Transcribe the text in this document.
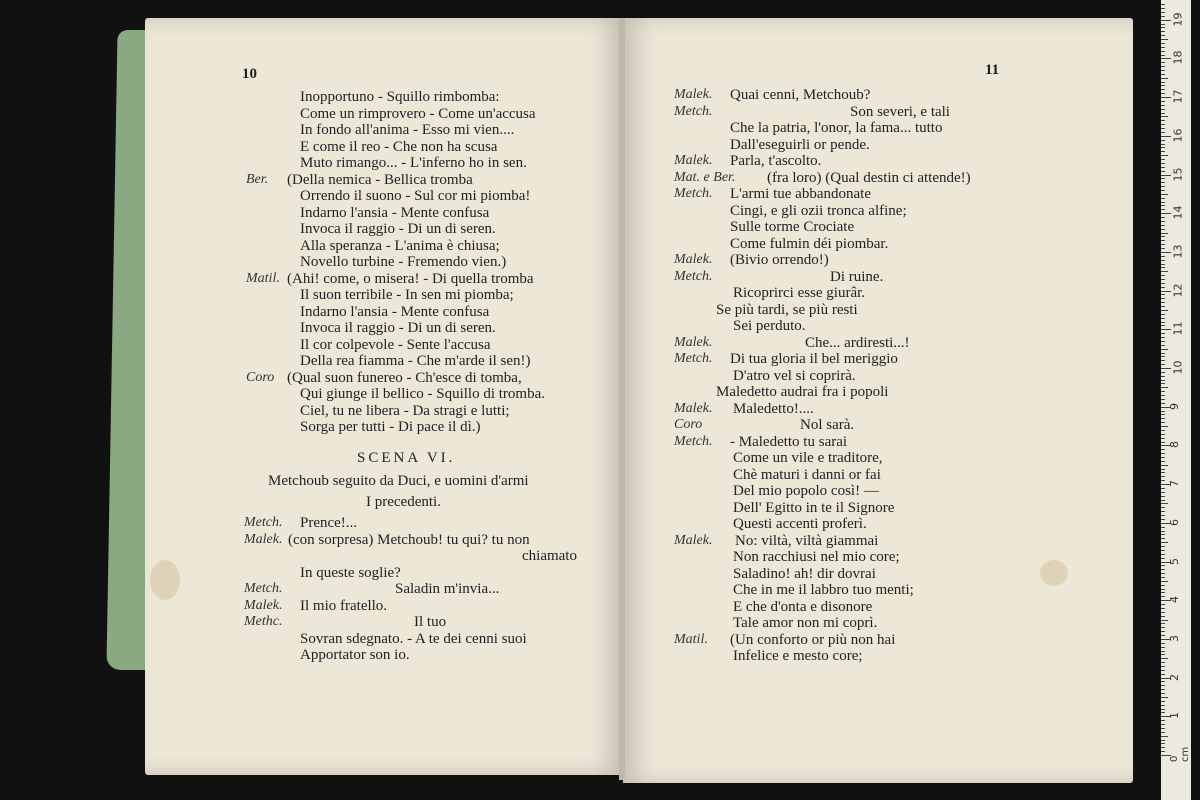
10	11
Inopportuno - Squillo rimbomba:
Come un rimprovero - Come un'accusa
In fondo all'anima - Esso mi vien....
E come il reo - Che non ha scusa
Muto rimango... - L'inferno ho in sen.
Ber. (Della nemica - Bellica tromba
Orrendo il suono - Sul cor mi piomba!
Indarno l'ansia - Mente confusa
Invoca il raggio - Di un di seren.
Alla speranza - L'anima è chiusa;
Novello turbine - Fremendo vien.)
Matil. (Ahi! come, o misera! - Di quella tromba
Il suon terribile - In sen mi piomba;
Indarno l'ansia - Mente confusa
Invoca il raggio - Di un di seren.
Il cor colpevole - Sente l'accusa
Della rea fiamma - Che m'arde il sen!)
Coro (Qual suon funereo - Ch'esce di tomba,
Qui giunge il bellico - Squillo di tromba.
Ciel, tu ne libera - Da stragi e lutti;
Sorga per tutti - Di pace il dì.)
SCENA VI.
Metchoub seguito da Duci, e uomini d'armi
I precedenti.
Metch. Prence!...
Malek. (con sorpresa) Metchoub! tu qui? tu non
chiamato
In queste soglie?
Metch.	Saladin m'invia...
Malek. Il mio fratello.
Methc.	Il tuo
Sovran sdegnato. - A te dei cenni suoi
Apportator son io.
Malek. Quai cenni, Metchoub?
Metch.	Son severi, e tali
Che la patria, l'onor, la fama... tutto
Dall'eseguirli or pende.
Malek. Parla, t'ascolto.
Mat. e Ber. (fra loro) (Qual destin ci attende!)
Metch. L'armi tue abbandonate
Cingi, e gli ozii tronca alfine;
Sulle torme Crociate
Come fulmin déi piombar.
Malek. (Bivio orrendo!)
Metch.	Di ruine.
Ricoprirci esse giurâr.
Se più tardi, se più resti
Sei perduto.
Malek.	Che... ardiresti...!
Metch. Di tua gloria il bel meriggio
D'atro vel si coprirà.
Maledetto audrai fra i popoli
Malek. Maledetto!....
Coro	Nol sarà.
Metch. - Maledetto tu sarai
Come un vile e traditore,
Chè maturi i danni or fai
Del mio popolo così! —
Dell' Egitto in te il Signore
Questi accenti proferì.
Malek. No: viltà, viltà giammai
Non racchiusi nel mio core;
Saladino! ah! dir dovrai
Che in me il labbro tuo menti;
E che d'onta e disonore
Tale amor non mi coprì.
Matil. (Un conforto or più non hai
Infelice e mesto core;
1
2
3
4
5
6
7
8
9
10
11
12
13
14
15
16
17
18
19
0 cm
